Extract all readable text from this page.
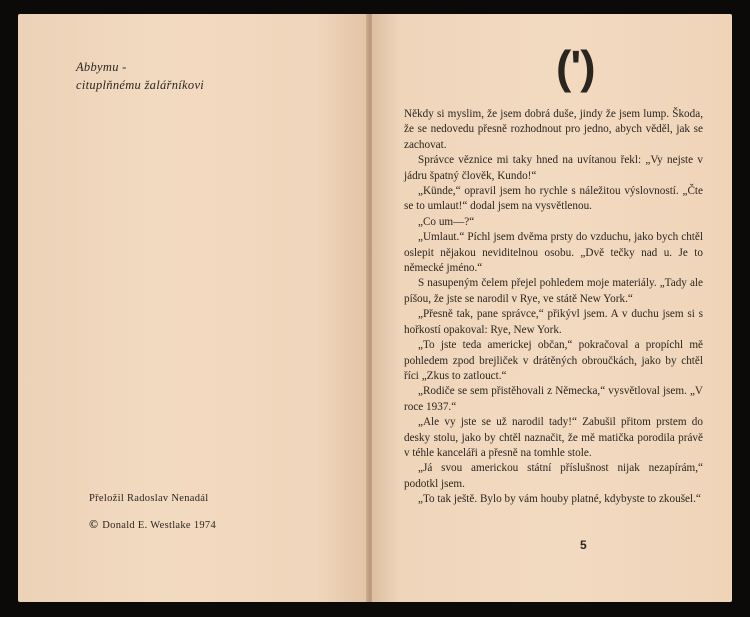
Abbymu -
cituplňnému žalářníkovi
Přeložil Radoslav Nenadál
© Donald E. Westlake 1974
(')

Někdy si myslim, že jsem dobrá duše, jindy že jsem lump. Škoda, že se nedovedu přesně rozhodnout pro jedno, abych věděl, jak se zachovat.

Správce věznice mi taky hned na uvítanou řekl: „Vy nejste v jádru špatný člověk, Kundo!“

„Künde,“ opravil jsem ho rychle s náležitou výslovností. „Čte se to umlaut!“ dodal jsem na vysvětlenou.

„Co um—?“

„Umlaut.“ Píchl jsem dvěma prsty do vzduchu, jako bych chtěl oslepit nějakou neviditelnou osobu. „Dvě tečky nad u. Je to německé jméno.“

S nasupeným čelem přejel pohledem moje materiály. „Tady ale píšou, že jste se narodil v Rye, ve státě New York.“

„Přesně tak, pane správce,“ přikývl jsem. A v duchu jsem si s hořkostí opakoval: Rye, New York.

„To jste teda americkej občan,“ pokračoval a propíchl mě pohledem zpod brejliček v drátěných obroučkách, jako by chtěl říci „Zkus to zatlouct.“

„Rodiče se sem přistěhovali z Německa,“ vysvětloval jsem. „V roce 1937.“

„Ale vy jste se už narodil tady!“ Zabušil přitom prstem do desky stolu, jako by chtěl naznačit, že mě matička porodila právě v téhle kanceláři a přesně na tomhle stole.

„Já svou americkou státní příslušnost nijak nezapírám,“ podotkl jsem.

„To tak ještě. Bylo by vám houby platné, kdybyste to zkoušel.“

5
